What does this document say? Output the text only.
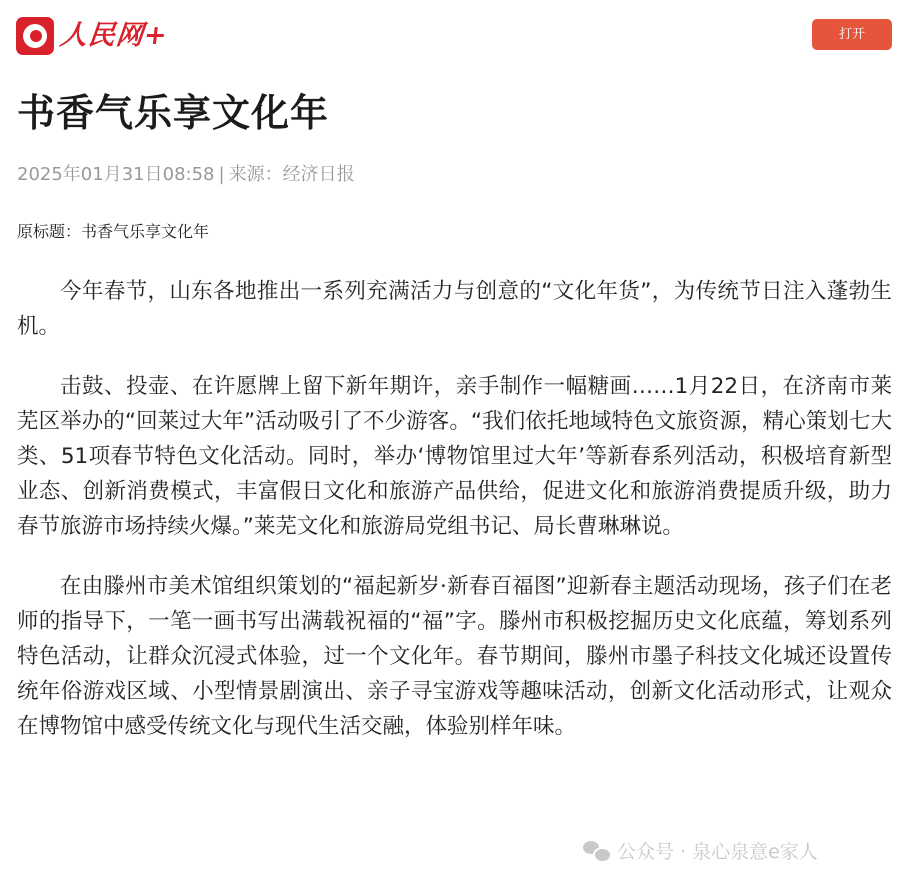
人民网+	打开
书香气乐享文化年
2025年01月31日08:58 | 来源：经济日报
原标题：书香气乐享文化年

今年春节，山东各地推出一系列充满活力与创意的“文化年货”，为传统节日注入蓬勃生机。

击鼓、投壶、在许愿牌上留下新年期许，亲手制作一幅糖画……1月22日，在济南市莱芜区举办的“回莱过大年”活动吸引了不少游客。“我们依托地域特色文旅资源，精心策划七大类、51项春节特色文化活动。同时，举办‘博物馆里过大年’等新春系列活动，积极培育新型业态、创新消费模式，丰富假日文化和旅游产品供给，促进文化和旅游消费提质升级，助力春节旅游市场持续火爆。”莱芜文化和旅游局党组书记、局长曹琳琳说。

在由滕州市美术馆组织策划的“福起新岁·新春百福图”迎新春主题活动现场，孩子们在老师的指导下，一笔一画书写出满载祝福的“福”字。滕州市积极挖掘历史文化底蕴，筹划系列特色活动，让群众沉浸式体验，过一个文化年。春节期间，滕州市墨子科技文化城还设置传统年俗游戏区域、小型情景剧演出、亲子寻宝游戏等趣味活动，创新文化活动形式，让观众在博物馆中感受传统文化与现代生活交融，体验别样年味。

公众号 · 泉心泉意e家人
